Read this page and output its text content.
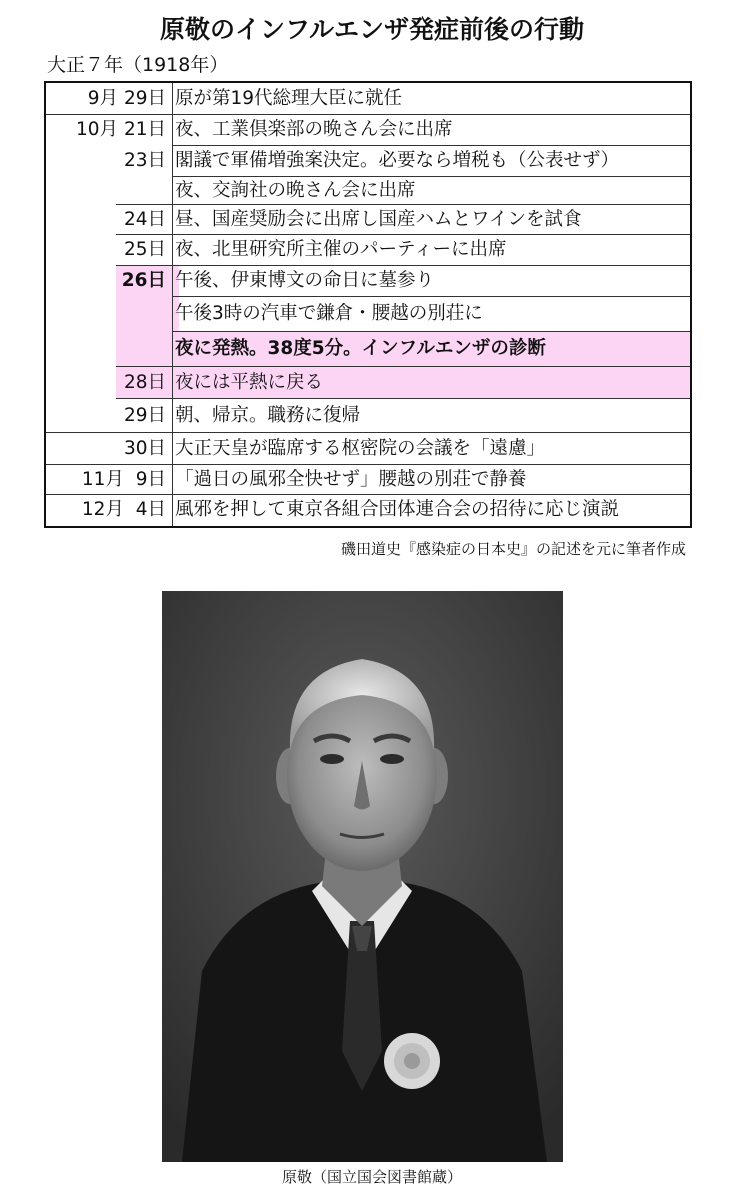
原敬のインフルエンザ発症前後の行動
大正７年（1918年）
9月
29日 原が第19代総理大臣に就任
10月
21日 夜、工業倶楽部の晩さん会に出席
23日 閣議で軍備増強案決定。必要なら増税も（公表せず）
夜、交詢社の晩さん会に出席
24日 昼、国産奨励会に出席し国産ハムとワインを試食
25日 夜、北里研究所主催のパーティーに出席
26日 午後、伊東博文の命日に墓参り
午後3時の汽車で鎌倉・腰越の別荘に
夜に発熱。38度5分。インフルエンザの診断
28日 夜には平熱に戻る
29日 朝、帰京。職務に復帰
30日 大正天皇が臨席する枢密院の会議を「遠慮」
11月
9日 「過日の風邪全快せず」腰越の別荘で静養
12月
4日 風邪を押して東京各組合団体連合会の招待に応じ演説
磯田道史『感染症の日本史』の記述を元に筆者作成
原敬（国立国会図書館蔵）
